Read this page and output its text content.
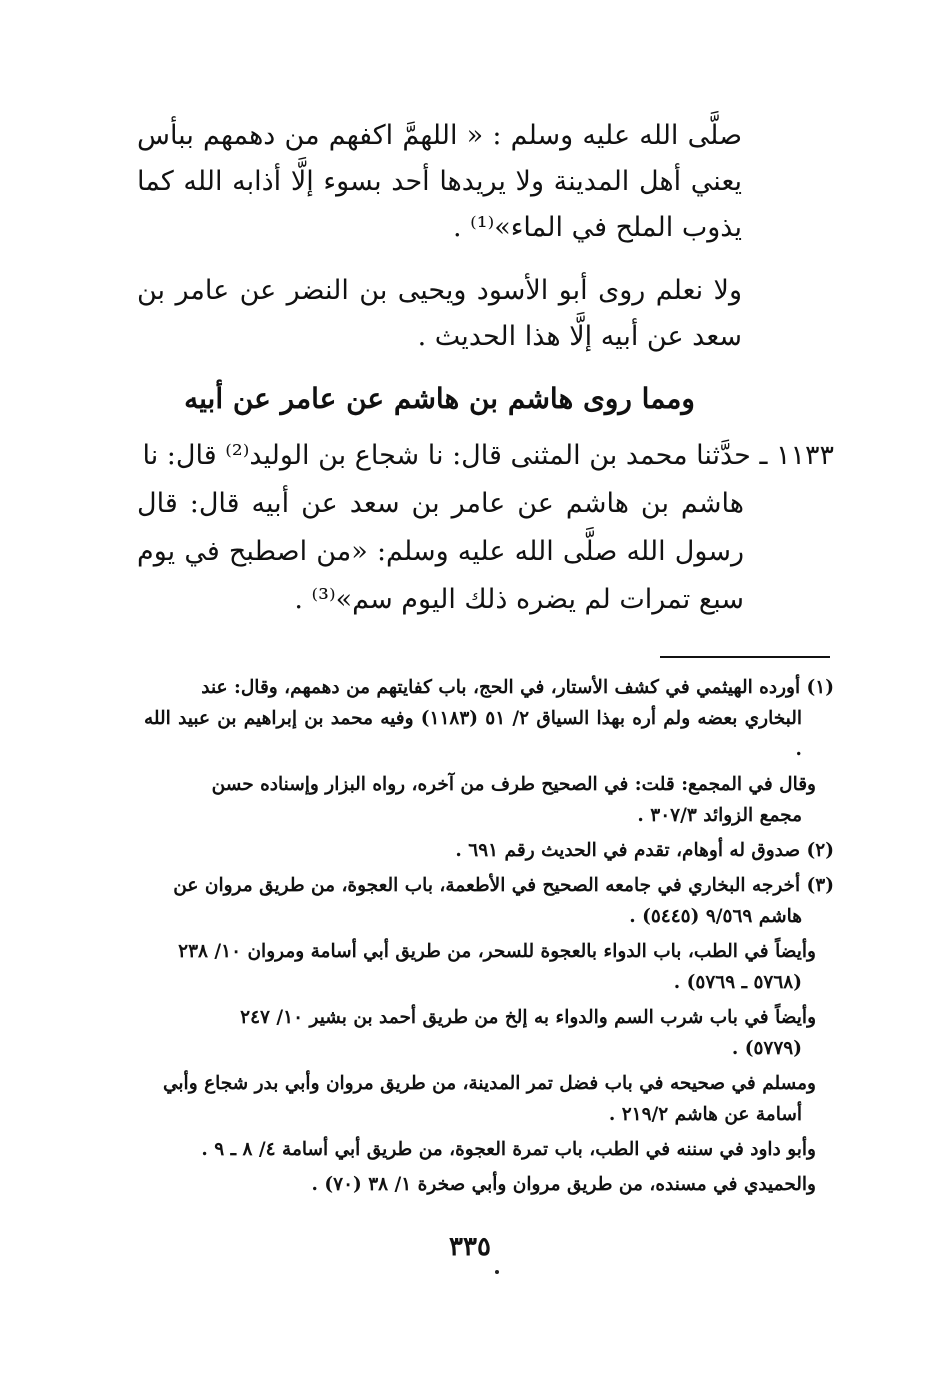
صلَّى الله عليه وسلم : « اللهمَّ اكفهم من دهمهم ببأس يعني أهل المدينة ولا يريدها أحد بسوء إلَّا أذابه الله كما يذوب الملح في الماء»⁽¹⁾ .
ولا نعلم روى أبو الأسود ويحيى بن النضر عن عامر بن سعد عن أبيه إلَّا هذا الحديث .
ومما روى هاشم بن هاشم عن عامر عن أبيه
١١٣٣ ـ حدَّثنا محمد بن المثنى قال: نا شجاع بن الوليد⁽²⁾ قال: نا
هاشم بن هاشم عن عامر بن سعد عن أبيه قال: قال رسول الله صلَّى الله عليه وسلم: «من اصطبح في يوم سبع تمرات لم يضره ذلك اليوم سم»⁽³⁾ .
(١) أورده الهيثمي في كشف الأستار، في الحج، باب كفايتهم من دهمهم، وقال: عند
البخاري بعضه ولم أره بهذا السياق ٢/ ٥١ (١١٨٣) وفيه محمد بن إبراهيم بن عبيد الله .
وقال في المجمع: قلت: في الصحيح طرف من آخره، رواه البزار وإسناده حسن
مجمع الزوائد ٣٠٧/٣ .
(٢) صدوق له أوهام، تقدم في الحديث رقم ٦٩١ .
(٣) أخرجه البخاري في جامعه الصحيح في الأطعمة، باب العجوة، من طريق مروان عن
هاشم ٩/٥٦٩ (٥٤٤٥) .
وأيضاً في الطب، باب الدواء بالعجوة للسحر، من طريق أبي أسامة ومروان ١٠/ ٢٣٨
(٥٧٦٨ ـ ٥٧٦٩) .
وأيضاً في باب شرب السم والدواء به إلخ من طريق أحمد بن بشير ١٠/ ٢٤٧
(٥٧٧٩) .
ومسلم في صحيحه في باب فضل تمر المدينة، من طريق مروان وأبي بدر شجاع وأبي
أسامة عن هاشم ٢١٩/٢ .
وأبو داود في سننه في الطب، باب تمرة العجوة، من طريق أبي أسامة ٤/ ٨ ـ ٩ .
والحميدي في مسنده، من طريق مروان وأبي صخرة ١/ ٣٨ (٧٠) .
٣٣٥
